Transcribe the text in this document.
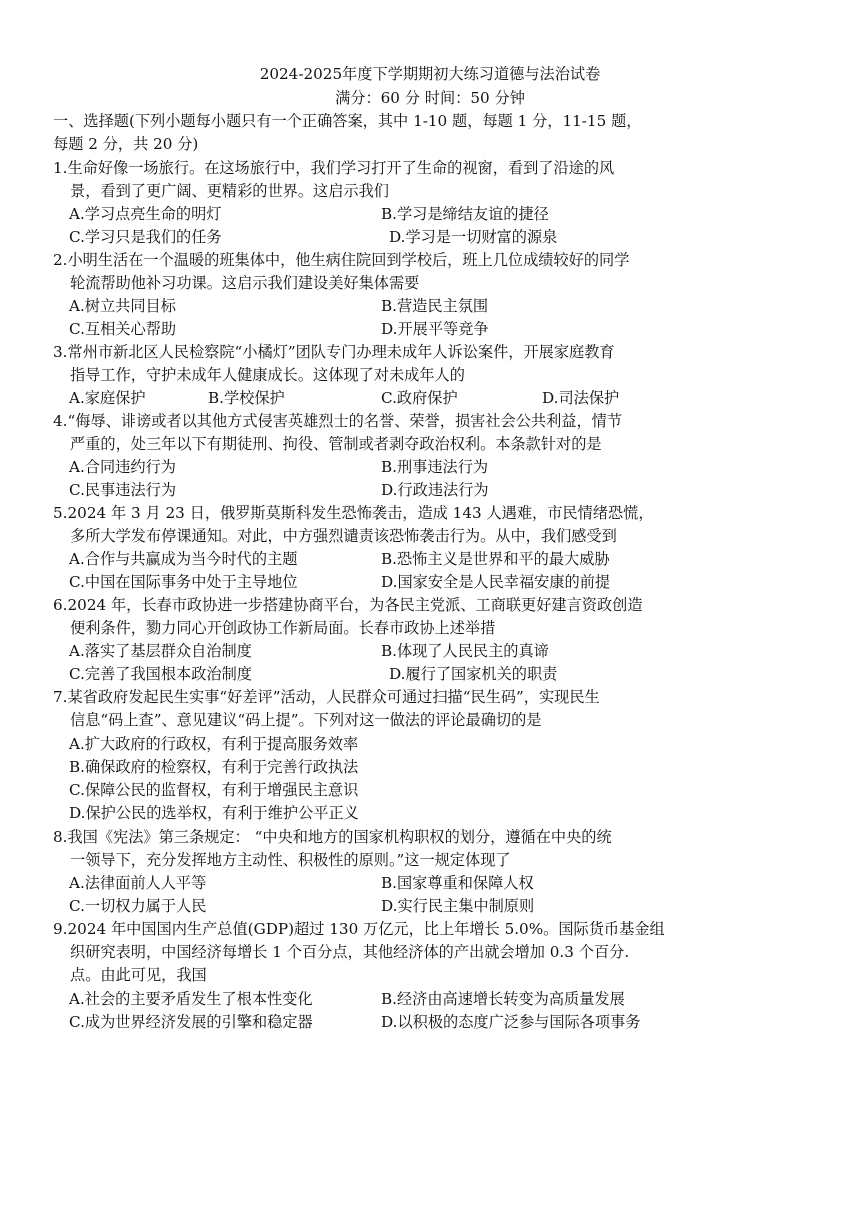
2024-2025年度下学期期初大练习道德与法治试卷
满分：60 分 时间：50 分钟
一、选择题(下列小题每小题只有一个正确答案，其中 1-10 题，每题 1 分，11-15 题，
每题 2 分，共 20 分)
1.生命好像一场旅行。在这场旅行中，我们学习打开了生命的视窗，看到了沿途的风
景，看到了更广阔、更精彩的世界。这启示我们
A.学习点亮生命的明灯	B.学习是缔结友谊的捷径
C.学习只是我们的任务	D.学习是一切财富的源泉
2.小明生活在一个温暖的班集体中，他生病住院回到学校后，班上几位成绩较好的同学
轮流帮助他补习功课。这启示我们建设美好集体需要
A.树立共同目标	B.营造民主氛围
C.互相关心帮助	D.开展平等竞争
3.常州市新北区人民检察院“小橘灯”团队专门办理未成年人诉讼案件，开展家庭教育
指导工作，守护未成年人健康成长。这体现了对未成年人的
A.家庭保护	B.学校保护	C.政府保护	D.司法保护
4.“侮辱、诽谤或者以其他方式侵害英雄烈士的名誉、荣誉，损害社会公共利益，情节
严重的，处三年以下有期徒刑、拘役、管制或者剥夺政治权利。本条款针对的是
A.合同违约行为	B.刑事违法行为
C.民事违法行为	D.行政违法行为
5.2024 年 3 月 23 日，俄罗斯莫斯科发生恐怖袭击，造成 143 人遇难，市民情绪恐慌，
多所大学发布停课通知。对此，中方强烈谴责该恐怖袭击行为。从中，我们感受到
A.合作与共赢成为当今时代的主题	B.恐怖主义是世界和平的最大威胁
C.中国在国际事务中处于主导地位	D.国家安全是人民幸福安康的前提
6.2024 年，长春市政协进一步搭建协商平台，为各民主党派、工商联更好建言资政创造
便利条件，勠力同心开创政协工作新局面。长春市政协上述举措
A.落实了基层群众自治制度	B.体现了人民民主的真谛
C.完善了我国根本政治制度	D.履行了国家机关的职责
7.某省政府发起民生实事“好差评”活动，人民群众可通过扫描“民生码”，实现民生
信息“码上查”、意见建议“码上提”。下列对这一做法的评论最确切的是
A.扩大政府的行政权，有利于提高服务效率
B.确保政府的检察权，有利于完善行政执法
C.保障公民的监督权，有利于增强民主意识
D.保护公民的选举权，有利于维护公平正义
8.我国《宪法》第三条规定： “中央和地方的国家机构职权的划分，遵循在中央的统
一领导下，充分发挥地方主动性、积极性的原则。”这一规定体现了
A.法律面前人人平等	B.国家尊重和保障人权
C.一切权力属于人民	D.实行民主集中制原则
9.2024 年中国国内生产总值(GDP)超过 130 万亿元，比上年增长 5.0%。国际货币基金组
织研究表明，中国经济每增长 1 个百分点，其他经济体的产出就会增加 0.3 个百分.
点。由此可见，我国
A.社会的主要矛盾发生了根本性变化	B.经济由高速增长转变为高质量发展
C.成为世界经济发展的引擎和稳定器	D.以积极的态度广泛参与国际各项事务
